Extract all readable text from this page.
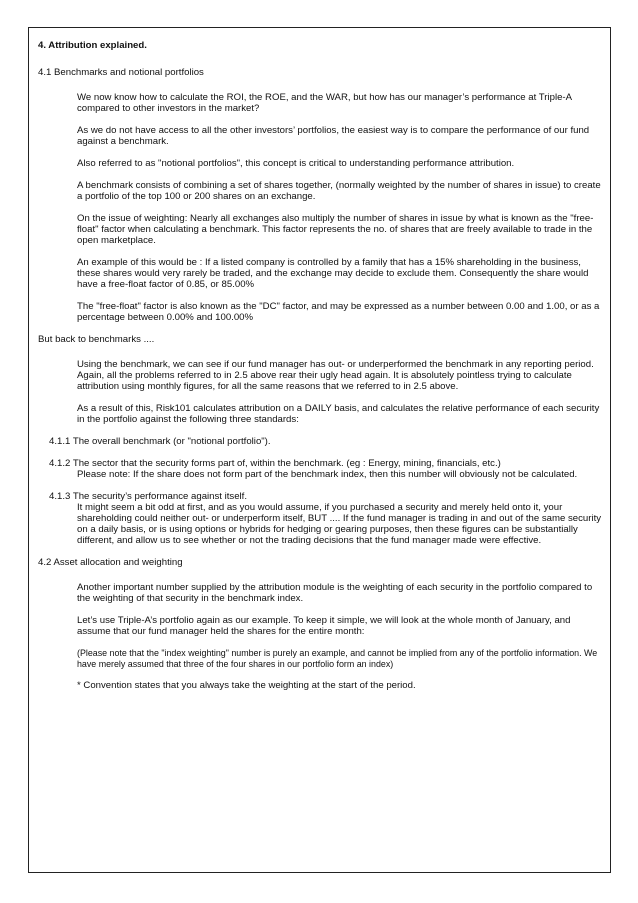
4. Attribution explained.
4.1 Benchmarks and notional portfolios
We now know how to calculate the ROI, the ROE, and the WAR, but how has our manager’s performance at Triple-A compared to other investors in the market?
As we do not have access to all the other investors’ portfolios, the easiest way is to compare the performance of our fund against a benchmark.
Also referred to as "notional portfolios", this concept is critical to understanding performance attribution.
A benchmark consists of combining a set of shares together, (normally weighted by the number of shares in issue) to create a portfolio of the top 100 or 200 shares on an exchange.
On the issue of weighting: Nearly all exchanges also multiply the number of shares in issue by what is known as the "free-float" factor when calculating a benchmark. This factor represents the no. of shares that are freely available to trade in the open marketplace.
An example of this would be : If a listed company is controlled by a family that has a 15% shareholding in the business, these shares would very rarely be traded, and the exchange may decide to exclude them. Consequently the share would have a free-float factor of 0.85, or 85.00%
The "free-float" factor is also known as the "DC" factor, and may be expressed as a number between 0.00 and 1.00, or as a percentage between 0.00% and 100.00%
But back to benchmarks ....
Using the benchmark, we can see if our fund manager has out- or underperformed the benchmark in any reporting period. Again, all the problems referred to in 2.5 above rear their ugly head again. It is absolutely pointless trying to calculate attribution using monthly figures, for all the same reasons that we referred to in 2.5 above.
As a result of this, Risk101 calculates attribution on a DAILY basis, and calculates the relative performance of each security in the portfolio against the following three standards:
4.1.1 The overall benchmark (or "notional portfolio").
4.1.2 The sector that the security forms part of, within the benchmark. (eg : Energy, mining, financials, etc.)
Please note: If the share does not form part of the benchmark index, then this number will obviously not be calculated.
4.1.3 The security’s performance against itself.
It might seem a bit odd at first, and as you would assume, if you purchased a security and merely held onto it, your shareholding could neither out- or underperform itself, BUT .... If the fund manager is trading in and out of the same security on a daily basis, or is using options or hybrids for hedging or gearing purposes, then these figures can be substantially different, and allow us to see whether or not the trading decisions that the fund manager made were effective.
4.2 Asset allocation and weighting
Another important number supplied by the attribution module is the weighting of each security in the portfolio compared to the weighting of that security in the benchmark index.
Let’s use Triple-A’s portfolio again as our example. To keep it simple, we will look at the whole month of January, and assume that our fund manager held the shares for the entire month:
(Please note that the "index weighting" number is purely an example, and cannot be implied from any of the portfolio information. We have merely assumed that three of the four shares in our portfolio form an index)
* Convention states that you always take the weighting at the start of the period.
